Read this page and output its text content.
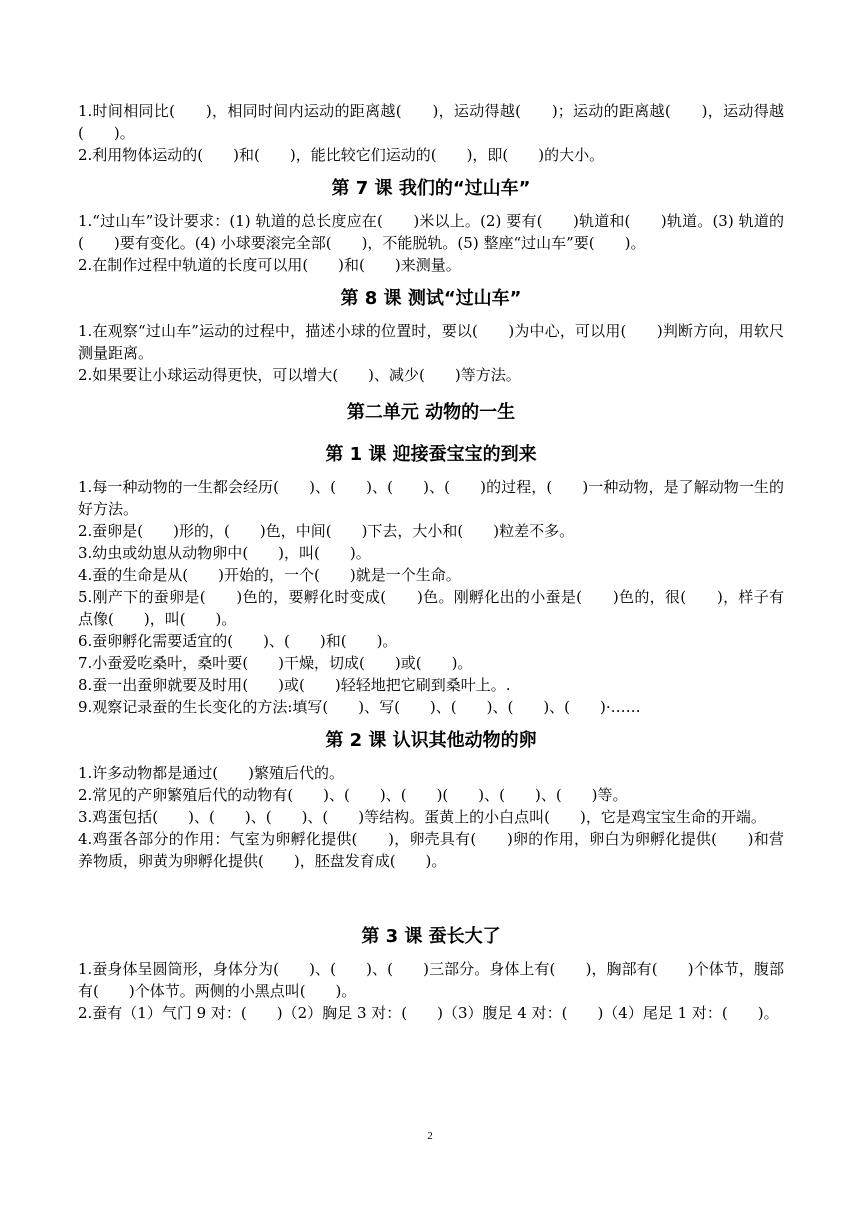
1.时间相同比(　　)，相同时间内运动的距离越(　　)，运动得越(　　)；运动的距离越(　　)，运动得越(　　)。

2.利用物体运动的(　　)和(　　)，能比较它们运动的(　　)，即(　　)的大小。

第 7 课 我们的“过山车”

1.“过山车”设计要求：(1) 轨道的总长度应在(　　)米以上。(2) 要有(　　)轨道和(　　)轨道。(3) 轨道的(　　)要有变化。(4) 小球要滚完全部(　　)，不能脱轨。(5) 整座“过山车”要(　　)。

2.在制作过程中轨道的长度可以用(　　)和(　　)来测量。

第 8 课 测试“过山车”

1.在观察“过山车”运动的过程中，描述小球的位置时，要以(　　)为中心，可以用(　　)判断方向，用软尺测量距离。

2.如果要让小球运动得更快，可以增大(　　)、减少(　　)等方法。

第二单元 动物的一生
第 1 课 迎接蚕宝宝的到来

1.每一种动物的一生都会经历(　　)、(　　)、(　　)、(　　)的过程，(　　)一种动物，是了解动物一生的好方法。

2.蚕卵是(　　)形的，(　　)色，中间(　　)下去，大小和(　　)粒差不多。

3.幼虫或幼崽从动物卵中(　　)，叫(　　)。

4.蚕的生命是从(　　)开始的，一个(　　)就是一个生命。

5.刚产下的蚕卵是(　　)色的，要孵化时变成(　　)色。刚孵化出的小蚕是(　　)色的，很(　　)，样子有点像(　　)，叫(　　)。

6.蚕卵孵化需要适宜的(　　)、(　　)和(　　)。

7.小蚕爱吃桑叶，桑叶要(　　)干燥，切成(　　)或(　　)。

8.蚕一出蚕卵就要及时用(　　)或(　　)轻轻地把它刷到桑叶上。.

9.观察记录蚕的生长变化的方法:填写(　　)、写(　　)、(　　)、(　　)、(　　)·……

第 2 课 认识其他动物的卵

1.许多动物都是通过(　　)繁殖后代的。

2.常见的产卵繁殖后代的动物有(　　)、(　　)、(　　)(　　)、(　　)、(　　)等。

3.鸡蛋包括(　　)、(　　)、(　　)、(　　)等结构。蛋黄上的小白点叫(　　)，它是鸡宝宝生命的开端。

4.鸡蛋各部分的作用：气室为卵孵化提供(　　)，卵壳具有(　　)卵的作用，卵白为卵孵化提供(　　)和营养物质，卵黄为卵孵化提供(　　)，胚盘发育成(　　)。

第 3 课 蚕长大了

1.蚕身体呈圆筒形，身体分为(　　)、(　　)、(　　)三部分。身体上有(　　)，胸部有(　　)个体节，腹部有(　　)个体节。两侧的小黑点叫(　　)。

2.蚕有（1）气门 9 对：(　　)（2）胸足 3 对：(　　)（3）腹足 4 对：(　　)（4）尾足 1 对：(　　)。

2
